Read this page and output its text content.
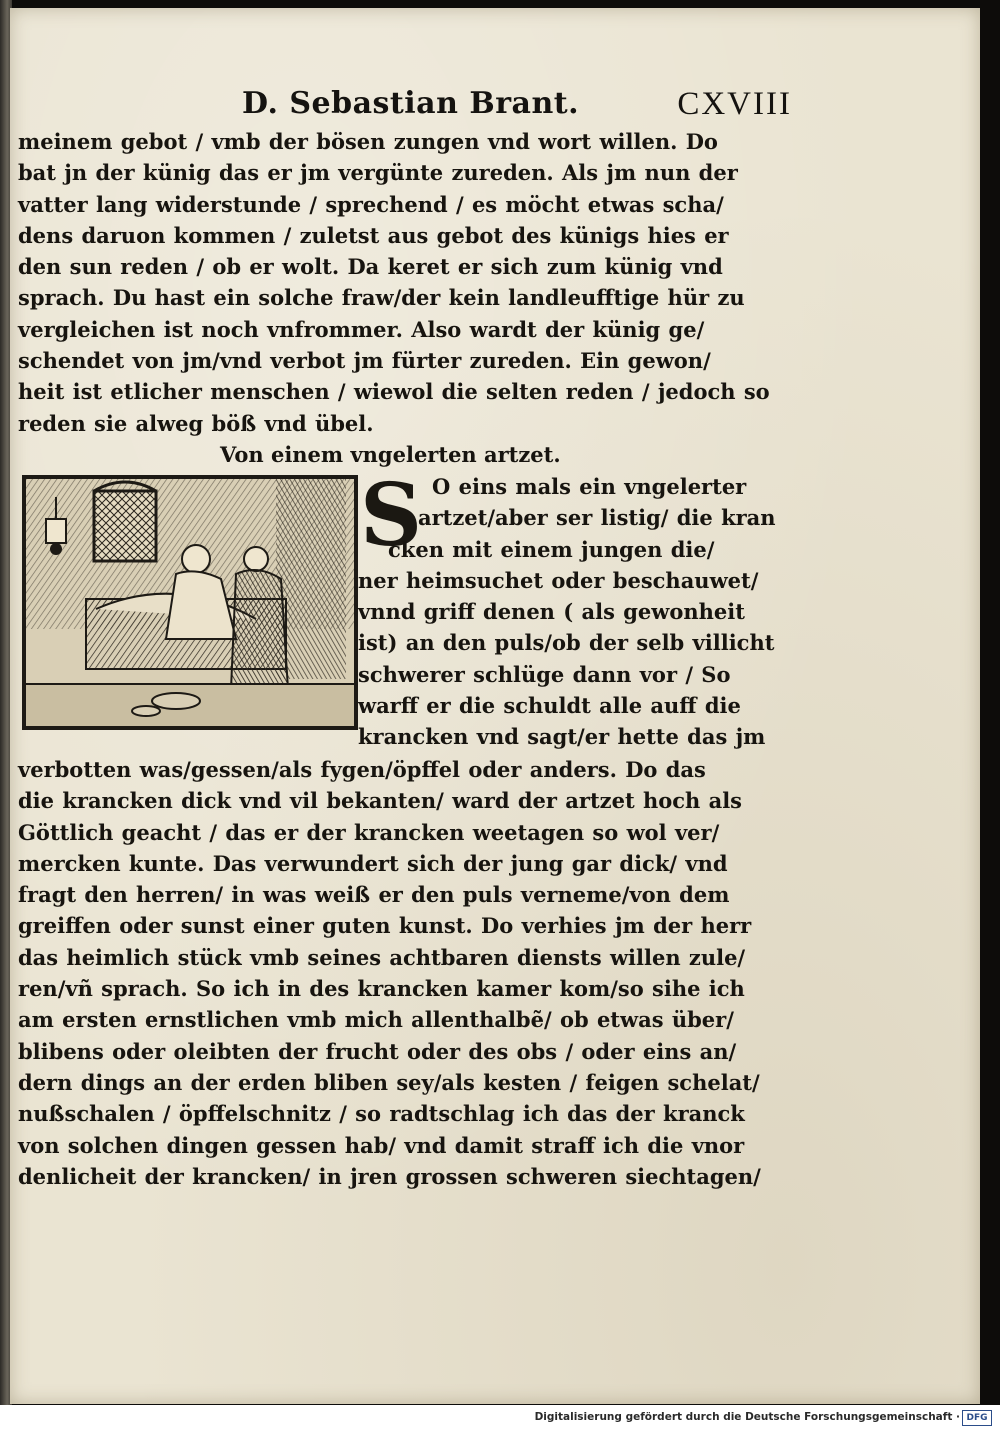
D. Sebastian Brant.	CXVIII
meinem gebot / vmb der bösen zungen vnd wort willen. Do
bat jn der künig das er jm vergünte zureden. Als jm nun der
vatter lang widerstunde / sprechend / es möcht etwas scha/
dens daruon kommen / zuletst aus gebot des künigs hies er
den sun reden / ob er wolt. Da keret er sich zum künig vnd
sprach. Du hast ein solche fraw/der kein landleufftige hür zu
vergleichen ist noch vnfrommer. Also wardt der künig ge/
schendet von jm/vnd verbot jm fürter zureden. Ein gewon/
heit ist etlicher menschen / wiewol die selten reden / jedoch so
reden sie alweg böß vnd übel.
Von einem vngelerten artzet.
S O eins mals ein vngelerter
artzet/aber ser listig/ die kran
cken mit einem jungen die/
ner heimsuchet oder beschauwet/
vnnd griff denen ( als gewonheit
ist) an den puls/ob der selb villicht
schwerer schlüge dann vor / So
warff er die schuldt alle auff die
krancken vnd sagt/er hette das jm
verbotten was/gessen/als fygen/öpffel oder anders. Do das
die krancken dick vnd vil bekanten/ ward der artzet hoch als
Göttlich geacht / das er der krancken weetagen so wol ver/
mercken kunte. Das verwundert sich der jung gar dick/ vnd
fragt den herren/ in was weiß er den puls verneme/von dem
greiffen oder sunst einer guten kunst. Do verhies jm der herr
das heimlich stück vmb seines achtbaren diensts willen zule/
ren/vñ sprach. So ich in des krancken kamer kom/so sihe ich
am ersten ernstlichen vmb mich allenthalbẽ/ ob etwas über/
blibens oder oleibten der frucht oder des obs / oder eins an/
dern dings an der erden bliben sey/als kesten / feigen schelat/
nußschalen / öpffelschnitz / so radtschlag ich das der kranck
von solchen dingen gessen hab/ vnd damit straff ich die vnor
denlicheit der krancken/ in jren grossen schweren siechtagen/
Digitalisierung gefördert durch die Deutsche Forschungsgemeinschaft · DFG
